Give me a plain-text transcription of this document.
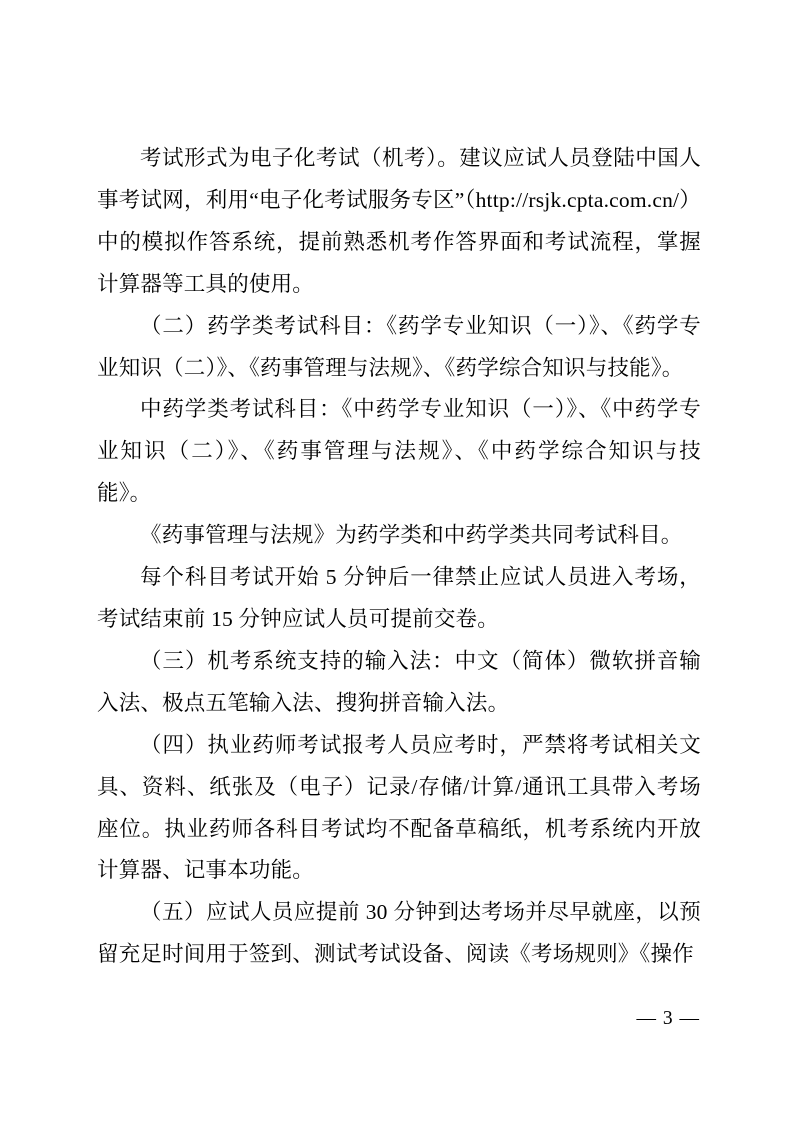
考试形式为电子化考试（机考）。建议应试人员登陆中国人事考试网，利用“电子化考试服务专区”（http://rsjk.cpta.com.cn/）中的模拟作答系统，提前熟悉机考作答界面和考试流程，掌握计算器等工具的使用。

（二）药学类考试科目：《药学专业知识（一）》、《药学专业知识（二）》、《药事管理与法规》、《药学综合知识与技能》。

中药学类考试科目：《中药学专业知识（一）》、《中药学专业知识（二）》、《药事管理与法规》、《中药学综合知识与技能》。

《药事管理与法规》为药学类和中药学类共同考试科目。

每个科目考试开始 5 分钟后一律禁止应试人员进入考场，考试结束前 15 分钟应试人员可提前交卷。

（三）机考系统支持的输入法：中文（简体）微软拼音输入法、极点五笔输入法、搜狗拼音输入法。

（四）执业药师考试报考人员应考时，严禁将考试相关文具、资料、纸张及（电子）记录/存储/计算/通讯工具带入考场座位。执业药师各科目考试均不配备草稿纸，机考系统内开放计算器、记事本功能。

（五）应试人员应提前 30 分钟到达考场并尽早就座，以预留充足时间用于签到、测试考试设备、阅读《考场规则》《操作

— 3 —
